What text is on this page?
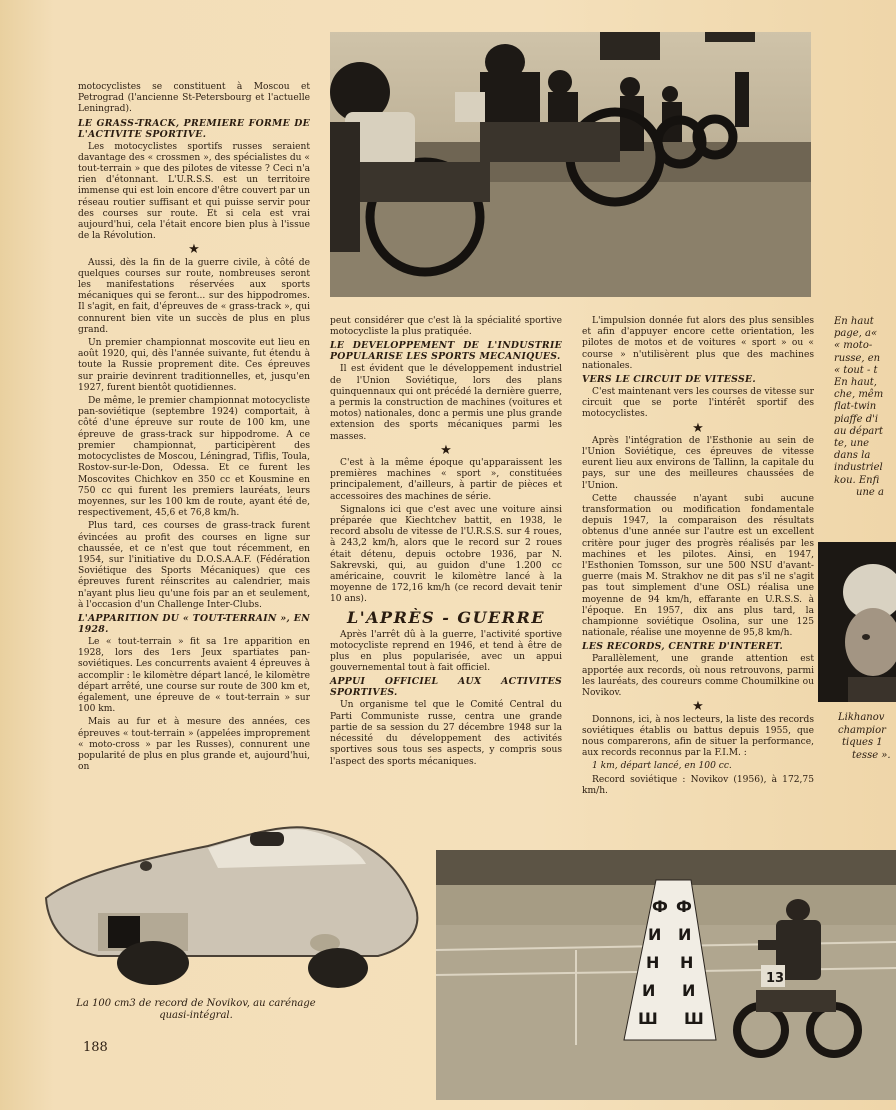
motocyclistes se constituent à Moscou et Petrograd (l'ancienne St-Petersbourg et l'actuelle Leningrad).

LE GRASS-TRACK, PREMIERE FORME DE L'ACTIVITE SPORTIVE.

Les motocyclistes sportifs russes seraient davantage des « crossmen », des spécialistes du « tout-terrain » que des pilotes de vitesse ? Ceci n'a rien d'étonnant. L'U.R.S.S. est un territoire immense qui est loin encore d'être couvert par un réseau routier suffisant et qui puisse servir pour des courses sur route. Et si cela est vrai aujourd'hui, cela l'était encore bien plus à l'issue de la Révolution.

★

Aussi, dès la fin de la guerre civile, à côté de quelques courses sur route, nombreuses seront les manifestations réservées aux sports mécaniques qui se feront... sur des hippodromes. Il s'agit, en fait, d'épreuves de « grass-track », qui connurent bien vite un succès de plus en plus grand.

Un premier championnat moscovite eut lieu en août 1920, qui, dès l'année suivante, fut étendu à toute la Russie proprement dite. Ces épreuves sur prairie devinrent traditionnelles, et, jusqu'en 1927, furent bientôt quotidiennes.

De même, le premier championnat motocycliste pan-soviétique (septembre 1924) comportait, à côté d'une épreuve sur route de 100 km, une épreuve de grass-track sur hippodrome. A ce premier championnat, participèrent des motocyclistes de Moscou, Léningrad, Tiflis, Toula, Rostov-sur-le-Don, Odessa. Et ce furent les Moscovites Chichkov en 350 cc et Kousmine en 750 cc qui furent les premiers lauréats, leurs moyennes, sur les 100 km de route, ayant été de, respectivement, 45,6 et 76,8 km/h.

Plus tard, ces courses de grass-track furent évincées au profit des courses en ligne sur chaussée, et ce n'est que tout récemment, en 1954, sur l'initiative du D.O.S.A.A.F. (Fédération Soviétique des Sports Mécaniques) que ces épreuves furent réinscrites au calendrier, mais n'ayant plus lieu qu'une fois par an et seulement, à l'occasion d'un Challenge Inter-Clubs.

L'APPARITION DU « TOUT-TERRAIN », EN 1928.

Le « tout-terrain » fit sa 1re apparition en 1928, lors des 1ers Jeux spartiates pan-soviétiques. Les concurrents avaient 4 épreuves à accomplir : le kilomètre départ lancé, le kilomètre départ arrêté, une course sur route de 300 km et, également, une épreuve de « tout-terrain » sur 100 km.

Mais au fur et à mesure des années, ces épreuves « tout-terrain » (appelées improprement « moto-cross » par les Russes), connurent une popularité de plus en plus grande et, aujourd'hui, on

peut considérer que c'est là la spécialité sportive motocycliste la plus pratiquée.

LE DEVELOPPEMENT DE L'INDUSTRIE POPULARISE LES SPORTS MECANIQUES.

Il est évident que le développement industriel de l'Union Soviétique, lors des plans quinquennaux qui ont précédé la dernière guerre, a permis la construction de machines (voitures et motos) nationales, donc a permis une plus grande extension des sports mécaniques parmi les masses.

★

C'est à la même époque qu'apparaissent les premières machines « sport », constituées principalement, d'ailleurs, à partir de pièces et accessoires des machines de série.

Signalons ici que c'est avec une voiture ainsi préparée que Kiechtchev battit, en 1938, le record absolu de vitesse de l'U.R.S.S. sur 4 roues, à 243,2 km/h, alors que le record sur 2 roues était détenu, depuis octobre 1936, par N. Sakrevski, qui, au guidon d'une 1.200 cc américaine, couvrit le kilomètre lancé à la moyenne de 172,16 km/h (ce record devait tenir 10 ans).

L'APRÈS - GUERRE

Après l'arrêt dû à la guerre, l'activité sportive motocycliste reprend en 1946, et tend à être de plus en plus popularisée, avec un appui gouvernemental tout à fait officiel.

APPUI OFFICIEL AUX ACTIVITES SPORTIVES.

Un organisme tel que le Comité Central du Parti Communiste russe, centra une grande partie de sa session du 27 décembre 1948 sur la nécessité du développement des activités sportives sous tous ses aspects, y compris sous l'aspect des sports mécaniques.

L'impulsion donnée fut alors des plus sensibles et afin d'appuyer encore cette orientation, les pilotes de motos et de voitures « sport » ou « course » n'utilisèrent plus que des machines nationales.

VERS LE CIRCUIT DE VITESSE.

C'est maintenant vers les courses de vitesse sur circuit que se porte l'intérêt sportif des motocyclistes.

★

Après l'intégration de l'Esthonie au sein de l'Union Soviétique, ces épreuves de vitesse eurent lieu aux environs de Tallinn, la capitale du pays, sur une des meilleures chaussées de l'Union.

Cette chaussée n'ayant subi aucune transformation ou modification fondamentale depuis 1947, la comparaison des résultats obtenus d'une année sur l'autre est un excellent critère pour juger des progrès réalisés par les machines et les pilotes. Ainsi, en 1947, l'Esthonien Tomsson, sur une 500 NSU d'avant-guerre (mais M. Strakhov ne dit pas s'il ne s'agit pas tout simplement d'une OSL) réalisa une moyenne de 94 km/h, effarante en U.R.S.S. à l'époque. En 1957, dix ans plus tard, la championne soviétique Osolina, sur une 125 nationale, réalise une moyenne de 95,8 km/h.

LES RECORDS, CENTRE D'INTERET.

Parallèlement, une grande attention est apportée aux records, où nous retrouvons, parmi les lauréats, des coureurs comme Choumilkine ou Novikov.

★

Donnons, ici, à nos lecteurs, la liste des records soviétiques établis ou battus depuis 1955, que nous comparerons, afin de situer la performance, aux records reconnus par la F.I.M. :

1 km, départ lancé, en 100 cc.

Record soviétique : Novikov (1956), à 172,75 km/h.

En haut
page, a«
« moto-
russe, en
« tout - t
En haut,
che, mêm
flat-twin
piaffe d'i
au départ
te, une
dans la
industriel
kou. Enfi
une a
Likhanov
champior
tiques 1
tesse ».
La 100 cm3 de record de Novikov, au carénage quasi-intégral.
Ф
И
Н
И
Ш
Ф
И
Н
И
Ш
13
188
